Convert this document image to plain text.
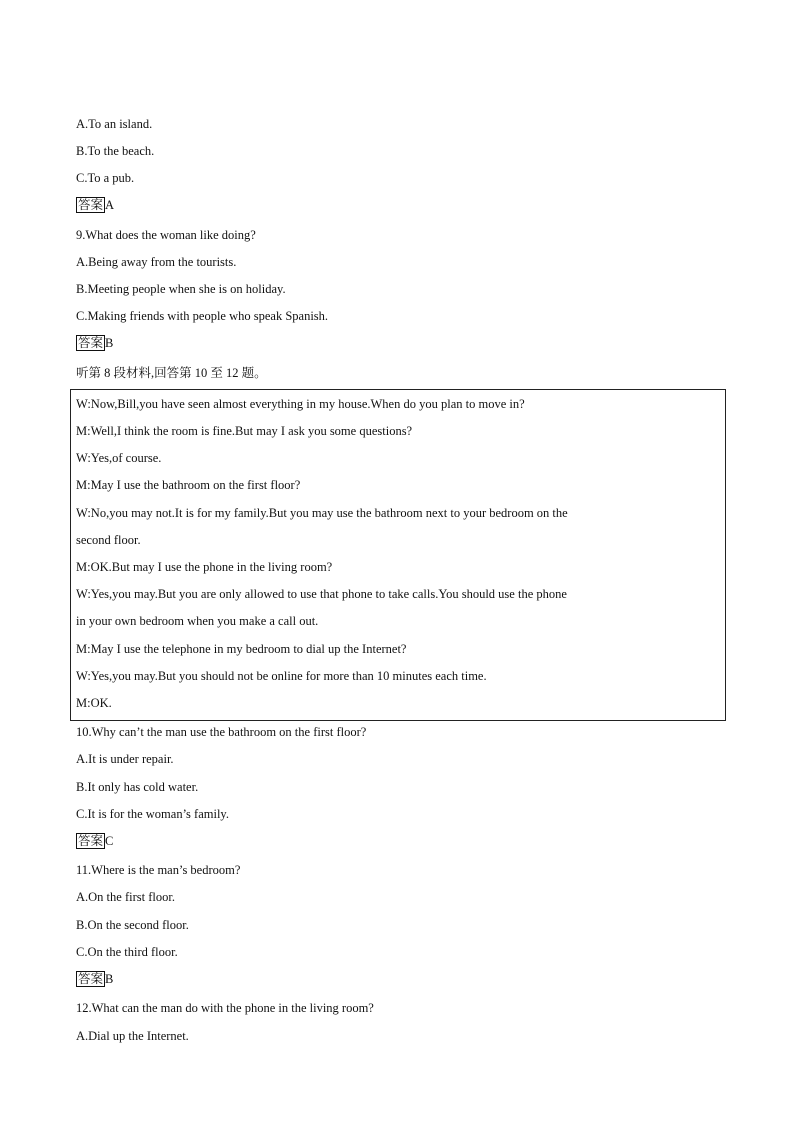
A.To an island.
B.To the beach.
C.To a pub.
答案 A
9.What does the woman like doing?
A.Being away from the tourists.
B.Meeting people when she is on holiday.
C.Making friends with people who speak Spanish.
答案 B
听第 8 段材料,回答第 10 至 12 题。
W:Now,Bill,you have seen almost everything in my house.When do you plan to move in?
M:Well,I think the room is fine.But may I ask you some questions?
W:Yes,of course.
M:May I use the bathroom on the first floor?
W:No,you may not.It is for my family.But you may use the bathroom next to your bedroom on the
second floor.
M:OK.But may I use the phone in the living room?
W:Yes,you may.But you are only allowed to use that phone to take calls.You should use the phone
in your own bedroom when you make a call out.
M:May I use the telephone in my bedroom to dial up the Internet?
W:Yes,you may.But you should not be online for more than 10 minutes each time.
M:OK.
10.Why can’t the man use the bathroom on the first floor?
A.It is under repair.
B.It only has cold water.
C.It is for the woman’s family.
答案 C
11.Where is the man’s bedroom?
A.On the first floor.
B.On the second floor.
C.On the third floor.
答案 B
12.What can the man do with the phone in the living room?
A.Dial up the Internet.
